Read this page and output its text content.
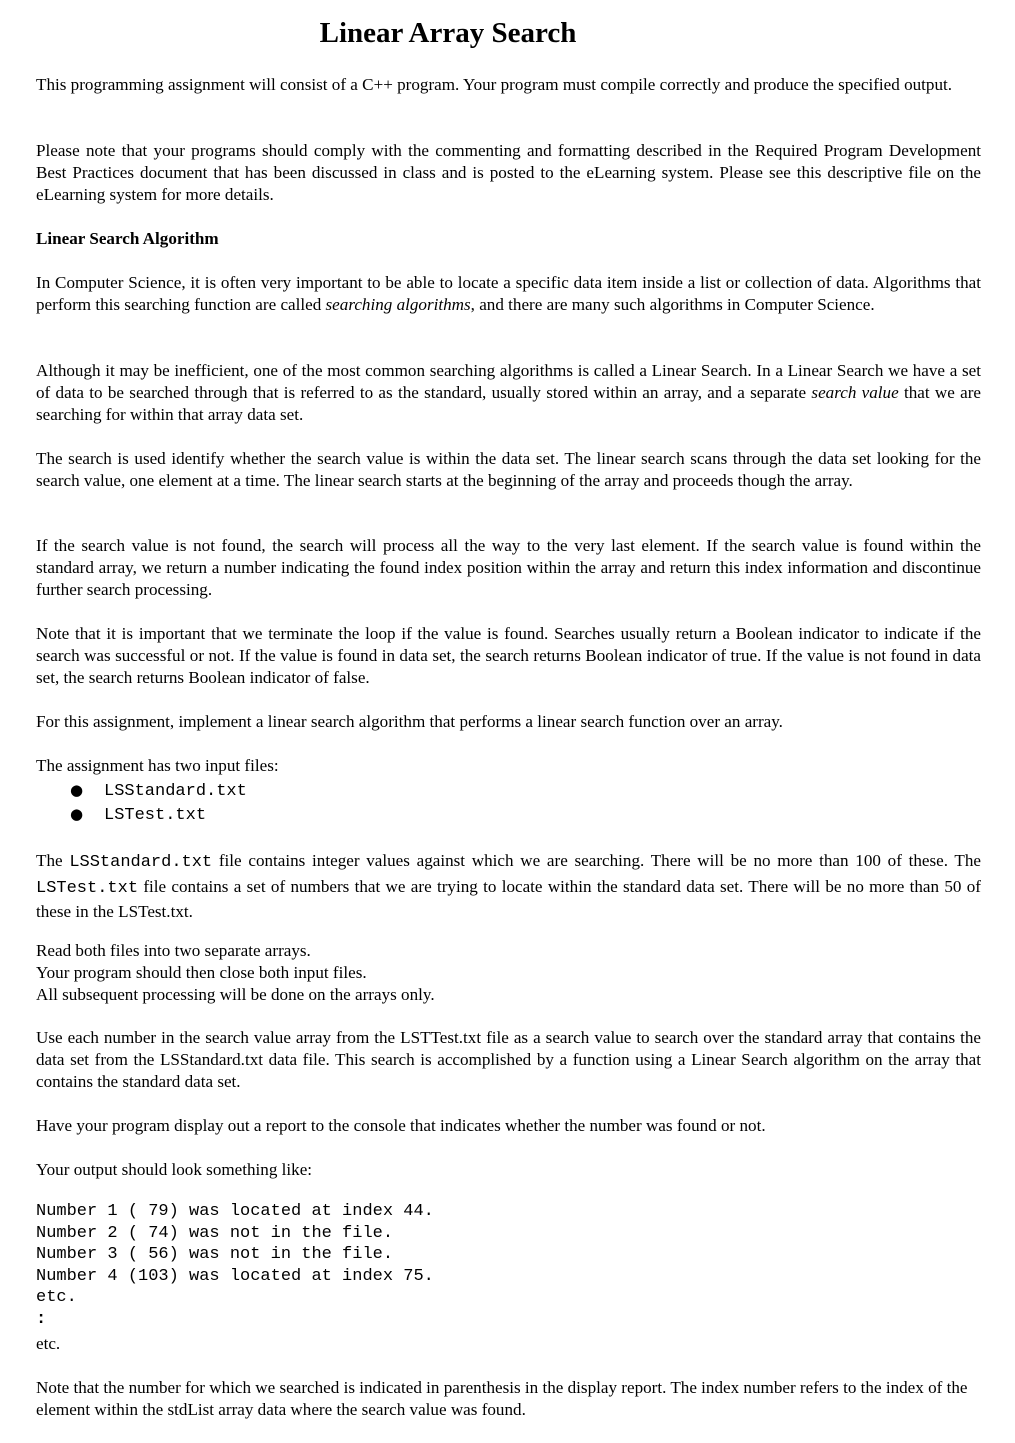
Linear Array Search

This programming assignment will consist of a C++ program. Your program must compile correctly and produce the specified output.

Please note that your programs should comply with the commenting and formatting described in the Required Program Development Best Practices document that has been discussed in class and is posted to the eLearning system. Please see this descriptive file on the eLearning system for more details.

Linear Search Algorithm

In Computer Science, it is often very important to be able to locate a specific data item inside a list or collection of data. Algorithms that perform this searching function are called searching algorithms, and there are many such algorithms in Computer Science.

Although it may be inefficient, one of the most common searching algorithms is called a Linear Search. In a Linear Search we have a set of data to be searched through that is referred to as the standard, usually stored within an array, and a separate search value that we are searching for within that array data set.

The search is used identify whether the search value is within the data set. The linear search scans through the data set looking for the search value, one element at a time. The linear search starts at the beginning of the array and proceeds though the array.

If the search value is not found, the search will process all the way to the very last element. If the search value is found within the standard array, we return a number indicating the found index position within the array and return this index information and discontinue further search processing.

Note that it is important that we terminate the loop if the value is found. Searches usually return a Boolean indicator to indicate if the search was successful or not. If the value is found in data set, the search returns Boolean indicator of true. If the value is not found in data set, the search returns Boolean indicator of false.

For this assignment, implement a linear search algorithm that performs a linear search function over an array.

The assignment has two input files:

● LSStandard.txt
● LSTest.txt

The LSStandard.txt file contains integer values against which we are searching. There will be no more than 100 of these. The LSTest.txt file contains a set of numbers that we are trying to locate within the standard data set. There will be no more than 50 of these in the LSTest.txt.

Read both files into two separate arrays.
Your program should then close both input files.
All subsequent processing will be done on the arrays only.

Use each number in the search value array from the LSTTest.txt file as a search value to search over the standard array that contains the data set from the LSStandard.txt data file. This search is accomplished by a function using a Linear Search algorithm on the array that contains the standard data set.

Have your program display out a report to the console that indicates whether the number was found or not.

Your output should look something like:

Number 1 ( 79) was located at index 44.
Number 2 ( 74) was not in the file.
Number 3 ( 56) was not in the file.
Number 4 (103) was located at index 75.
etc.
:

etc.

Note that the number for which we searched is indicated in parenthesis in the display report. The index number refers to the index of the element within the stdList array data where the search value was found.
